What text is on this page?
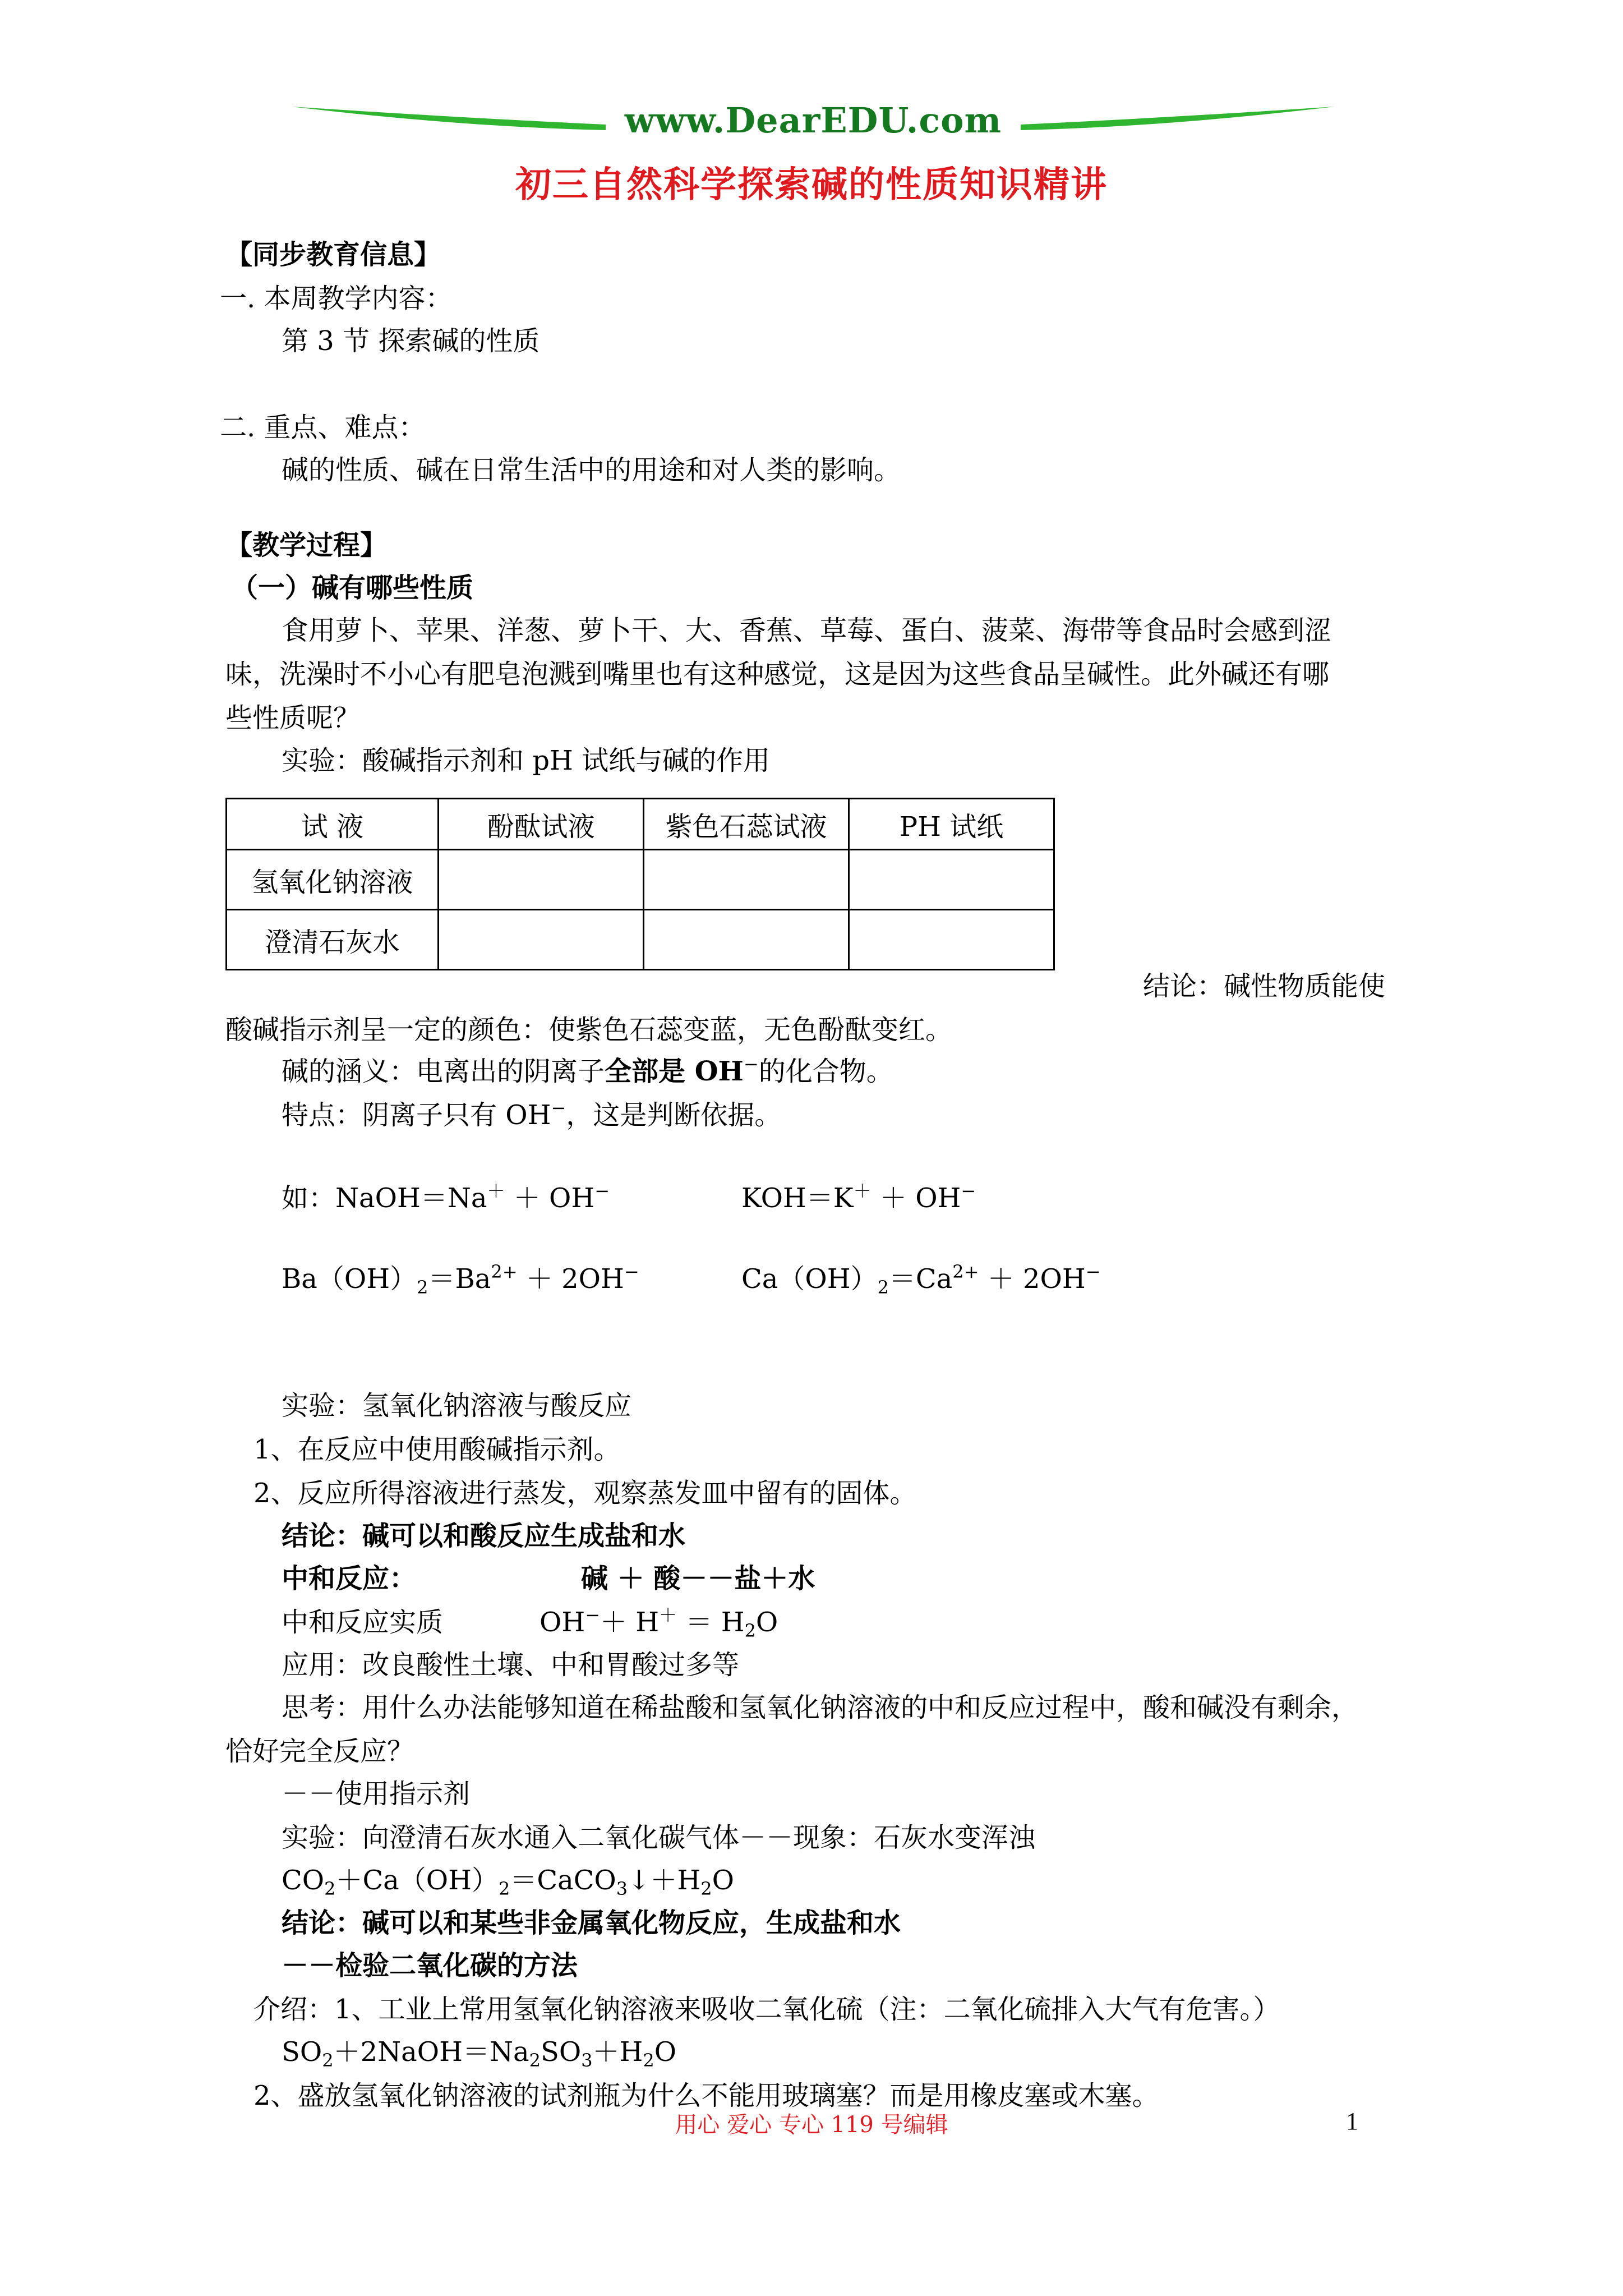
www.DearEDU.com
初三自然科学探索碱的性质知识精讲
【同步教育信息】
一. 本周教学内容：
第 3 节 探索碱的性质
二. 重点、难点：
碱的性质、碱在日常生活中的用途和对人类的影响。
【教学过程】
（一）碱有哪些性质
食用萝卜、苹果、洋葱、萝卜干、大、香蕉、草莓、蛋白、菠菜、海带等食品时会感到涩
味，洗澡时不小心有肥皂泡溅到嘴里也有这种感觉，这是因为这些食品呈碱性。此外碱还有哪
些性质呢？
实验：酸碱指示剂和 pH 试纸与碱的作用
试 液	酚酞试液	紫色石蕊试液	PH 试纸
氢氧化钠溶液			
澄清石灰水			
结论：碱性物质能使
酸碱指示剂呈一定的颜色：使紫色石蕊变蓝，无色酚酞变红。
碱的涵义：电离出的阴离子全部是 OH−的化合物。
特点：阴离子只有 OH−，这是判断依据。
如：NaOH＝Na＋ ＋ OH−	KOH＝K＋ ＋ OH−
$Ba(OH)_2=Ba^{2+} + 2OH^-$	$Ca(OH)_2=Ca^{2+} + 2OH^-$
实验：氢氧化钠溶液与酸反应
1、在反应中使用酸碱指示剂。
2、反应所得溶液进行蒸发，观察蒸发皿中留有的固体。
结论：碱可以和酸反应生成盐和水
中和反应：	碱 ＋ 酸－－盐＋水
中和反应实质	$OH^-+ H^+ = H_2O$
应用：改良酸性土壤、中和胃酸过多等
思考：用什么办法能够知道在稀盐酸和氢氧化钠溶液的中和反应过程中，酸和碱没有剩余，
恰好完全反应？
－－使用指示剂
实验：向澄清石灰水通入二氧化碳气体－－现象：石灰水变浑浊
$CO_2+Ca(OH)_2=CaCO_3↓+H_2O$
结论：碱可以和某些非金属氧化物反应，生成盐和水
－－检验二氧化碳的方法
介绍：1、工业上常用氢氧化钠溶液来吸收二氧化硫（注：二氧化硫排入大气有危害。）
$SO_2+2NaOH=Na_2SO_3+H_2O$
2、盛放氢氧化钠溶液的试剂瓶为什么不能用玻璃塞？而是用橡皮塞或木塞。
用心 爱心 专心 119 号编辑	1
